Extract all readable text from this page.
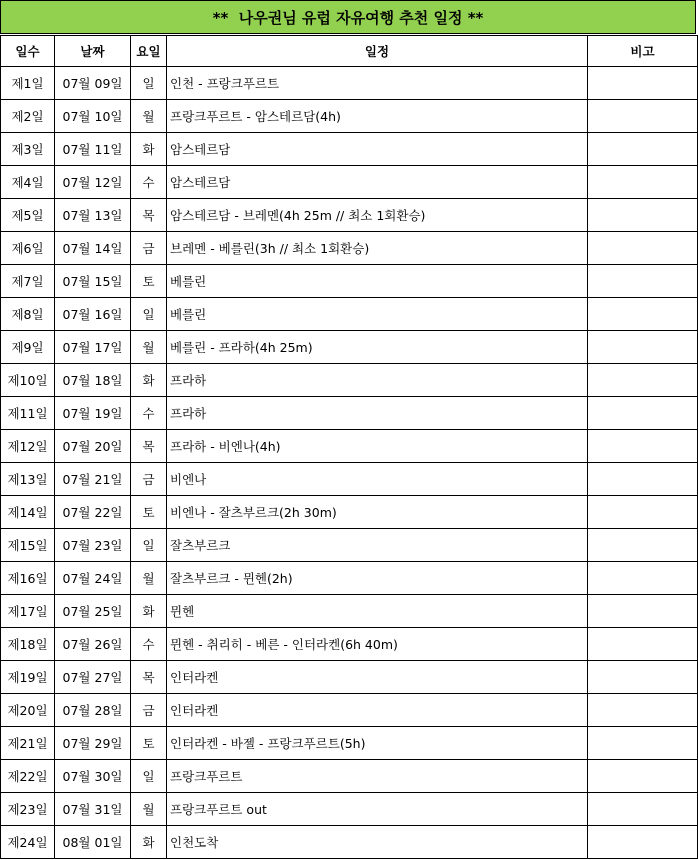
**  나우권님 유럽 자유여행 추천 일정 **
일수	날짜	요일	일정	비고
제1일	07월 09일	일	인천 - 프랑크푸르트	
제2일	07월 10일	월	프랑크푸르트 - 암스테르담(4h)	
제3일	07월 11일	화	암스테르담	
제4일	07월 12일	수	암스테르담	
제5일	07월 13일	목	암스테르담 - 브레멘(4h 25m // 최소 1회환승)	
제6일	07월 14일	금	브레멘 - 베를린(3h // 최소 1회환승)	
제7일	07월 15일	토	베를린	
제8일	07월 16일	일	베를린	
제9일	07월 17일	월	베를린 - 프라하(4h 25m)	
제10일	07월 18일	화	프라하	
제11일	07월 19일	수	프라하	
제12일	07월 20일	목	프라하 - 비엔나(4h)	
제13일	07월 21일	금	비엔나	
제14일	07월 22일	토	비엔나 - 잘츠부르크(2h 30m)	
제15일	07월 23일	일	잘츠부르크	
제16일	07월 24일	월	잘츠부르크 - 뮌헨(2h)	
제17일	07월 25일	화	뮌헨	
제18일	07월 26일	수	뮌헨 - 취리히 - 베른 - 인터라켄(6h 40m)	
제19일	07월 27일	목	인터라켄	
제20일	07월 28일	금	인터라켄	
제21일	07월 29일	토	인터라켄 - 바젤 - 프랑크푸르트(5h)	
제22일	07월 30일	일	프랑크푸르트	
제23일	07월 31일	월	프랑크푸르트 out	
제24일	08월 01일	화	인천도착	
